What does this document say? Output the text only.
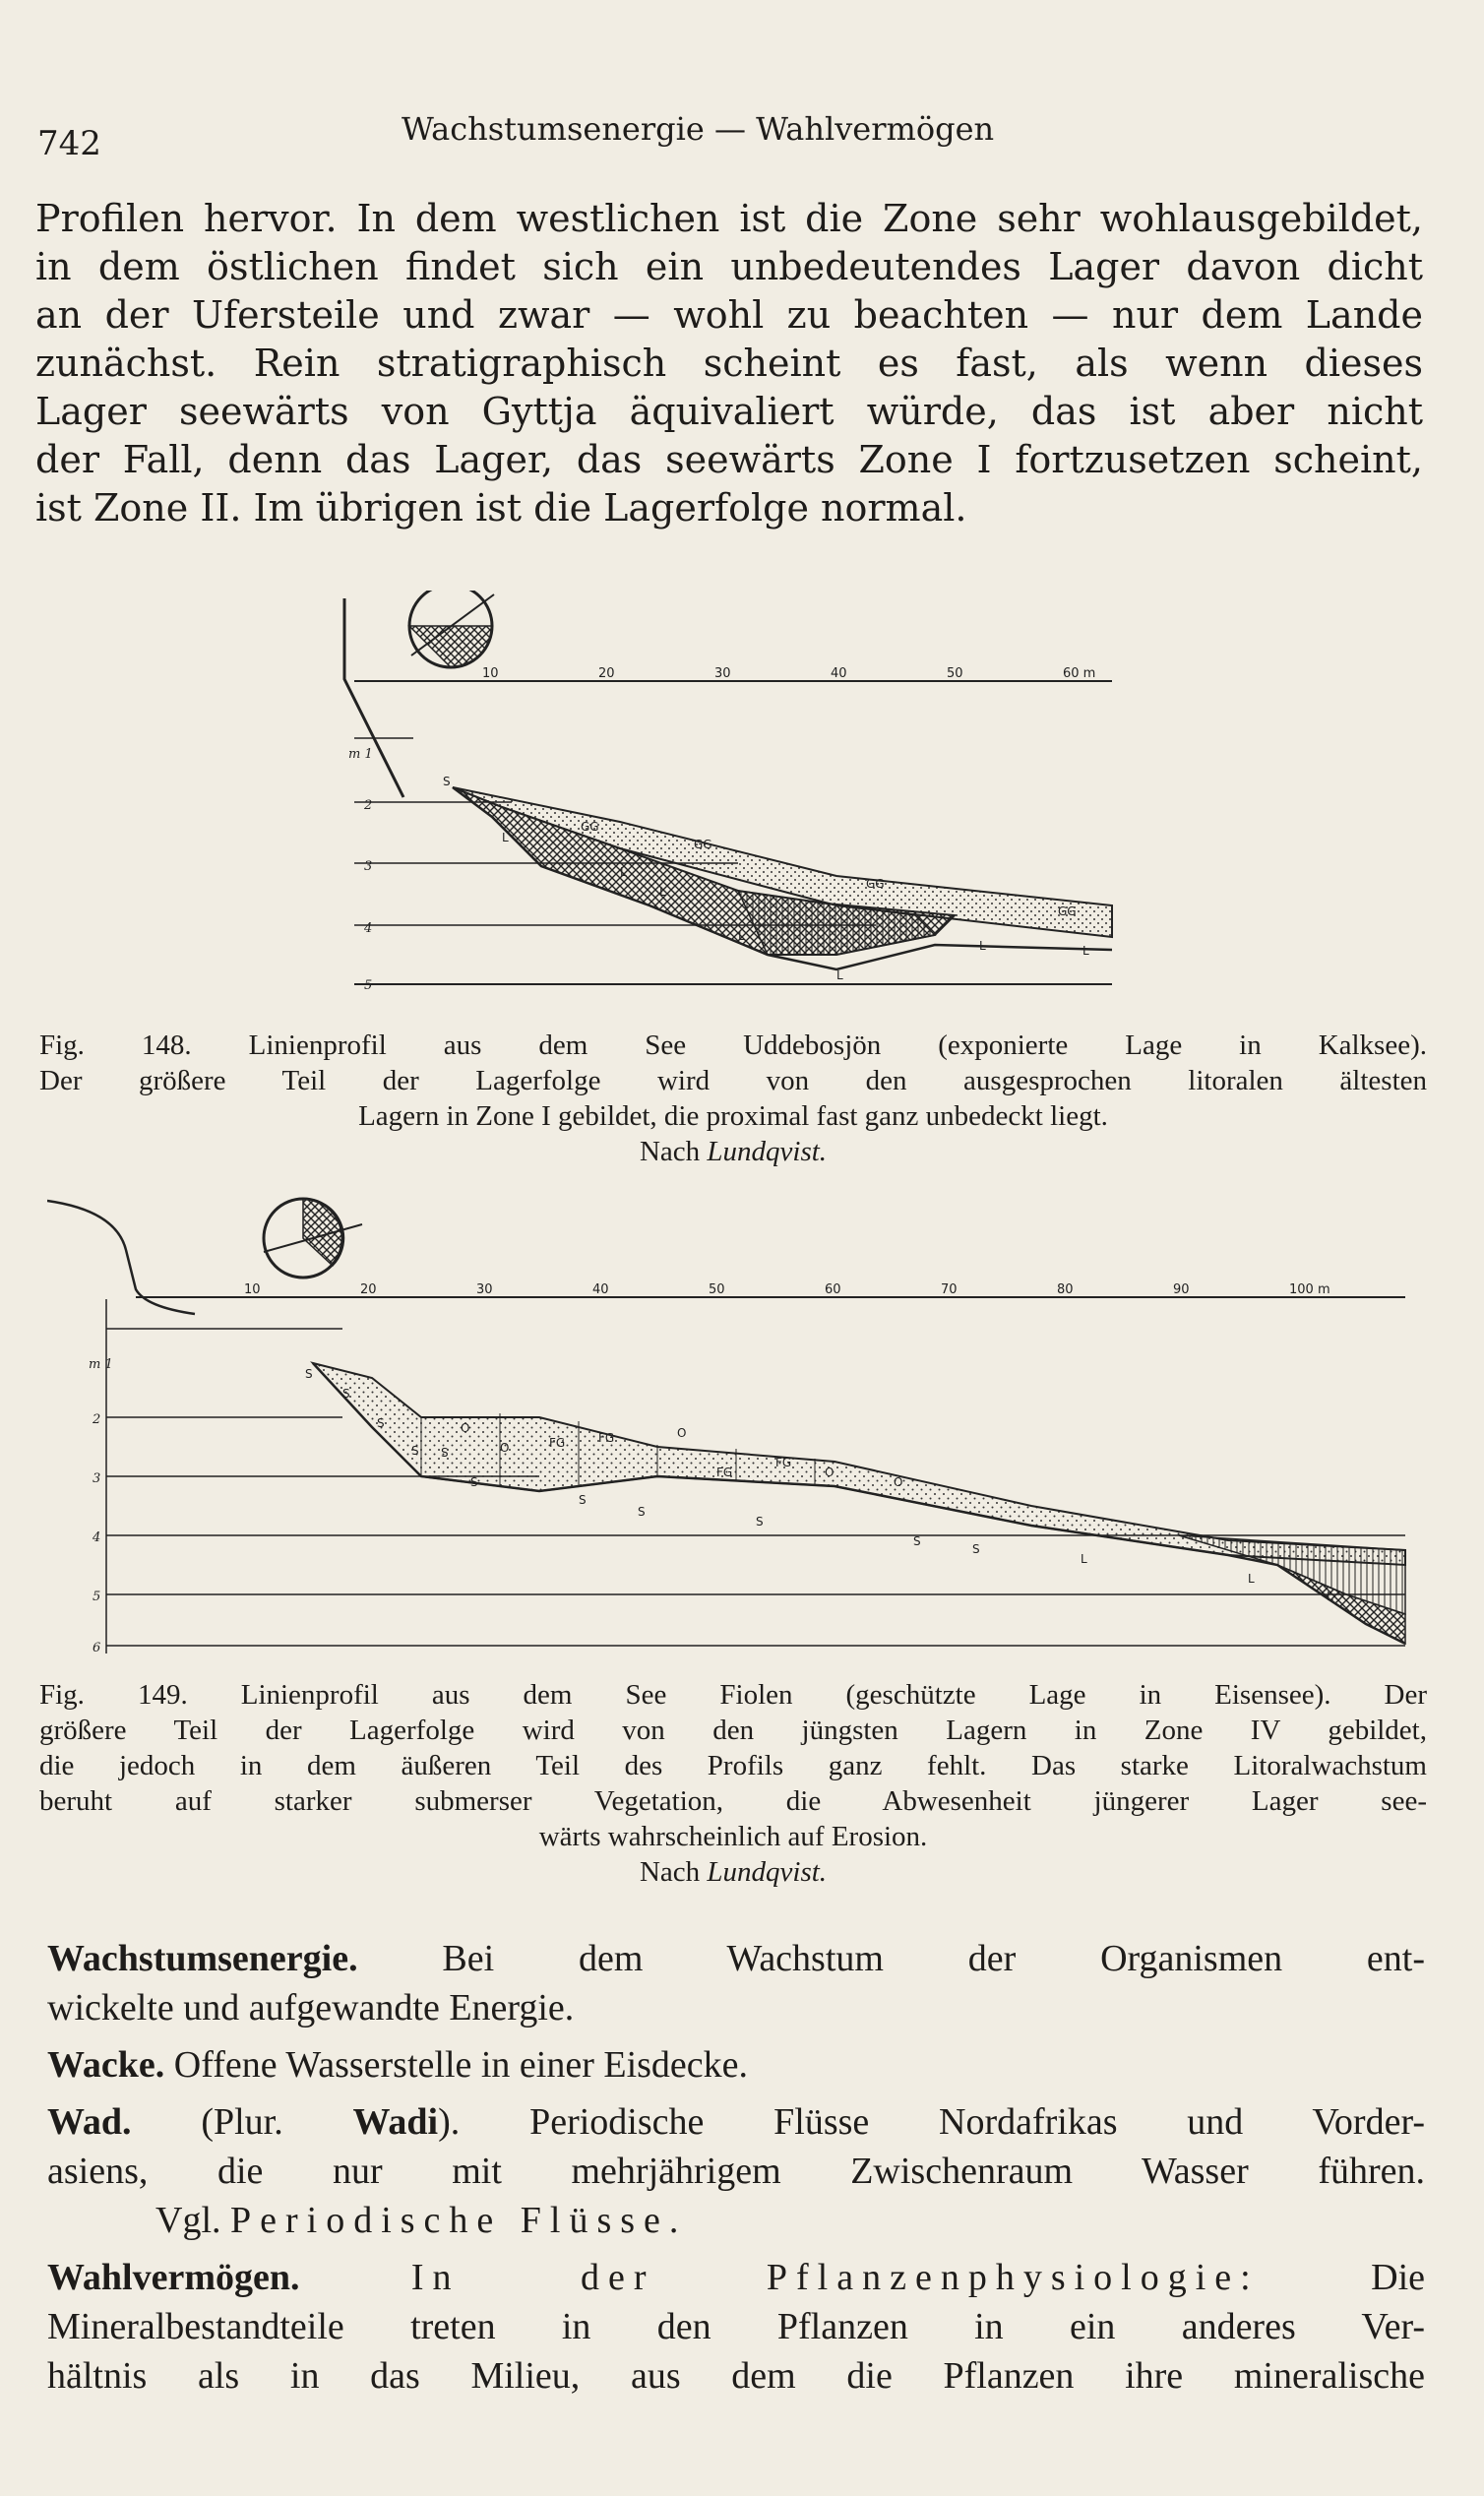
742	Wachstumsenergie — Wahlvermögen

Profilen hervor. In dem westlichen ist die Zone sehr wohlausgebildet,
in dem östlichen findet sich ein unbedeutendes Lager davon dicht
an der Ufersteile und zwar — wohl zu beachten — nur dem Lande
zunächst. Rein stratigraphisch scheint es fast, als wenn dieses
Lager seewärts von Gyttja äquivaliert würde, das ist aber nicht
der Fall, denn das Lager, das seewärts Zone I fortzusetzen scheint,
ist Zone II. Im übrigen ist die Lagerfolge normal.

10	20	30	40	50	60 m
m 1
2
3
4
5
S
L
L
GG
GG
GG
GG
L
L
L
L	L

Fig. 148. Linienprofil aus dem See Uddebosjön (exponierte Lage in Kalksee).
Der größere Teil der Lagerfolge wird von den ausgesprochen litoralen ältesten
Lagern in Zone I gebildet, die proximal fast ganz unbedeckt liegt.
Nach Lundqvist.

10	20	30	40	50	60	70	80	90	100 m
m 1
2
3
4
5
6
S
S
S
S S
S
S
S
S
S
S
FG	FG
FG
FG
O
O
O
O
O
L
L
L

Fig. 149. Linienprofil aus dem See Fiolen (geschützte Lage in Eisensee). Der
größere Teil der Lagerfolge wird von den jüngsten Lagern in Zone IV gebildet,
die jedoch in dem äußeren Teil des Profils ganz fehlt. Das starke Litoralwachstum
beruht auf starker submerser Vegetation, die Abwesenheit jüngerer Lager see-
wärts wahrscheinlich auf Erosion.
Nach Lundqvist.

Wachstumsenergie. Bei dem Wachstum der Organismen ent-
wickelte und aufgewandte Energie.

Wacke. Offene Wasserstelle in einer Eisdecke.

Wad. (Plur. Wadi). Periodische Flüsse Nordafrikas und Vorder-
asiens, die nur mit mehrjährigem Zwischenraum Wasser führen.
Vgl. Periodische Flüsse.

Wahlvermögen.	In der	Pflanzenphysiologie:	Die
Mineralbestandteile treten in den Pflanzen in ein anderes Ver-
hältnis als in das Milieu, aus dem die Pflanzen ihre mineralische
